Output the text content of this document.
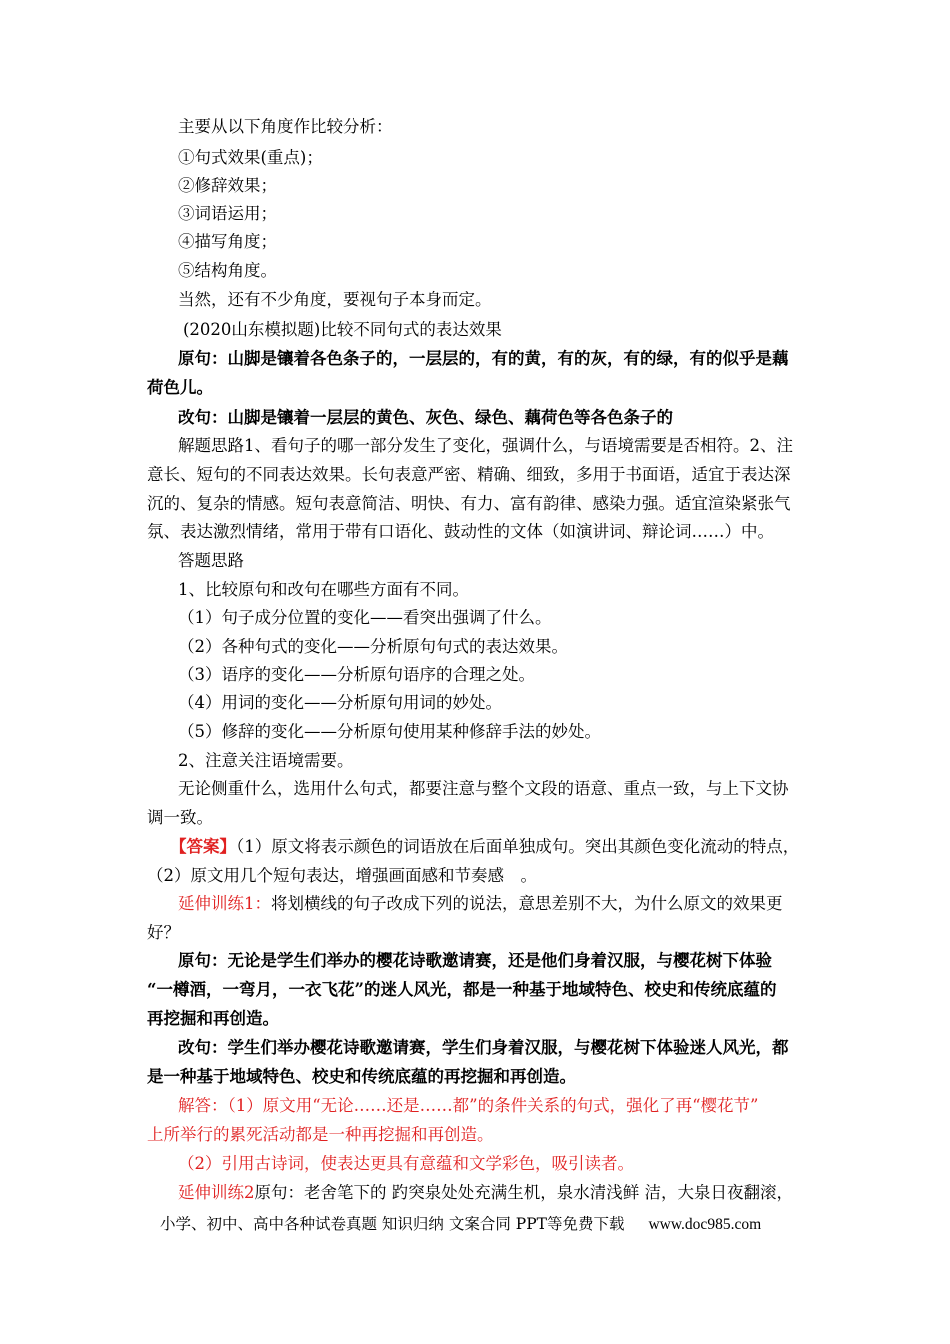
主要从以下角度作比较分析：
①句式效果(重点)；
②修辞效果；
③词语运用；
④描写角度；
⑤结构角度。
当然，还有不少角度，要视句子本身而定。
(2020山东模拟题)比较不同句式的表达效果
原句：山脚是镶着各色条子的，一层层的，有的黄，有的灰，有的绿，有的似乎是藕
荷色儿。
改句：山脚是镶着一层层的黄色、灰色、绿色、藕荷色等各色条子的
解题思路1、看句子的哪一部分发生了变化，强调什么，与语境需要是否相符。2、注
意长、短句的不同表达效果。长句表意严密、精确、细致，多用于书面语，适宜于表达深
沉的、复杂的情感。短句表意简洁、明快、有力、富有韵律、感染力强。适宜渲染紧张气
氛、表达激烈情绪，常用于带有口语化、鼓动性的文体（如演讲词、辩论词……）中。
答题思路
1、比较原句和改句在哪些方面有不同。
（1）句子成分位置的变化——看突出强调了什么。
（2）各种句式的变化——分析原句句式的表达效果。
（3）语序的变化——分析原句语序的合理之处。
（4）用词的变化——分析原句用词的妙处。
（5）修辞的变化——分析原句使用某种修辞手法的妙处。
2、注意关注语境需要。
无论侧重什么，选用什么句式，都要注意与整个文段的语意、重点一致，与上下文协
调一致。
【答案】（1）原文将表示颜色的词语放在后面单独成句。突出其颜色变化流动的特点，
（2）原文用几个短句表达，增强画面感和节奏感　。
延伸训练1：将划横线的句子改成下列的说法，意思差别不大，为什么原文的效果更
好？
原句：无论是学生们举办的樱花诗歌邀请赛，还是他们身着汉服，与樱花树下体验
“一樽酒，一弯月，一衣飞花”的迷人风光，都是一种基于地域特色、校史和传统底蕴的
再挖掘和再创造。
改句：学生们举办樱花诗歌邀请赛，学生们身着汉服，与樱花树下体验迷人风光，都
是一种基于地域特色、校史和传统底蕴的再挖掘和再创造。
解答：（1）原文用“无论……还是……都”的条件关系的句式，强化了再“樱花节”
上所举行的累死活动都是一种再挖掘和再创造。
（2）引用古诗词，使表达更具有意蕴和文学彩色，吸引读者。
延伸训练2原句：老舍笔下的 趵突泉处处充满生机，泉水清浅鲜 洁，大泉日夜翻滚，
小学、初中、高中各种试卷真题 知识归纳 文案合同 PPT等免费下载 www.doc985.com
